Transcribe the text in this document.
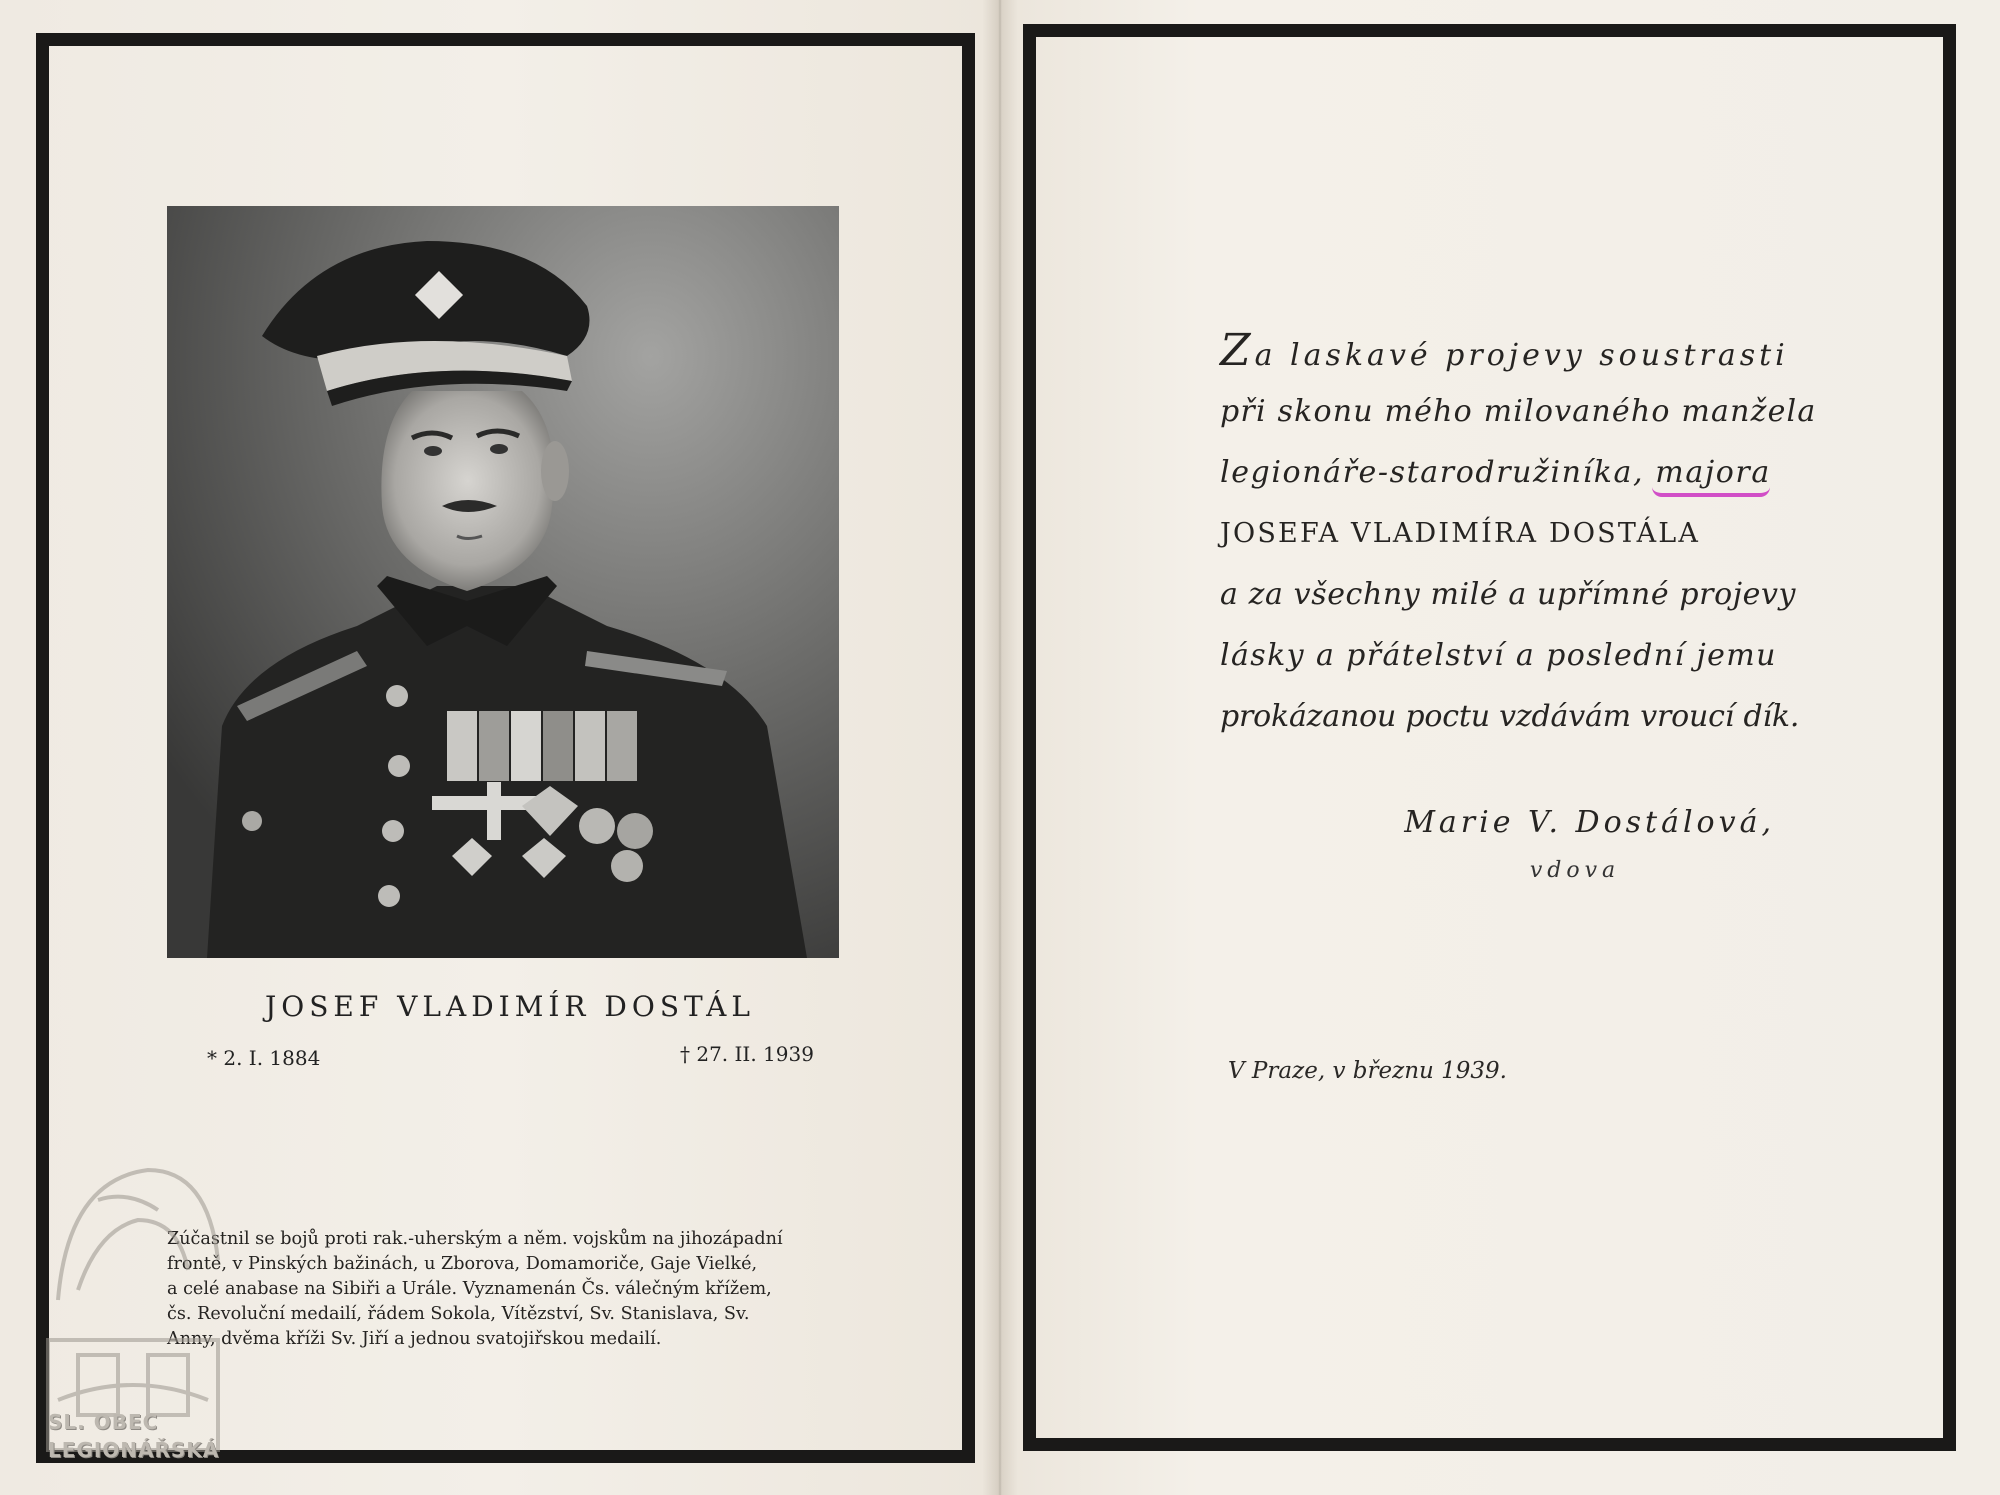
JOSEF VLADIMÍR DOSTÁL
* 2. I. 1884	† 27. II. 1939

Zúčastnil se bojů proti rak.-uherským a něm. vojskům na jihozápadní

frontě, v Pinských bažinách, u Zborova, Domamoriče, Gaje Vielké,

a celé anabase na Sibiři a Urále. Vyznamenán Čs. válečným křížem,

čs. Revoluční medailí, řádem Sokola, Vítězství, Sv. Stanislava, Sv.

Anny, dvěma kříži Sv. Jiří a jednou svatojiřskou medailí.

SL. OBEC
LEGIONÁŘSKÁ
Za laskavé projevy soustrasti
při skonu mého milovaného manžela
legionáře-starodružiníka, majora
JOSEFA VLADIMÍRA DOSTÁLA
a za všechny milé a upřímné projevy
lásky a přátelství a poslední jemu
prokázanou poctu vzdávám vroucí dík.
Marie V. Dostálová,
vdova
V Praze, v březnu 1939.
